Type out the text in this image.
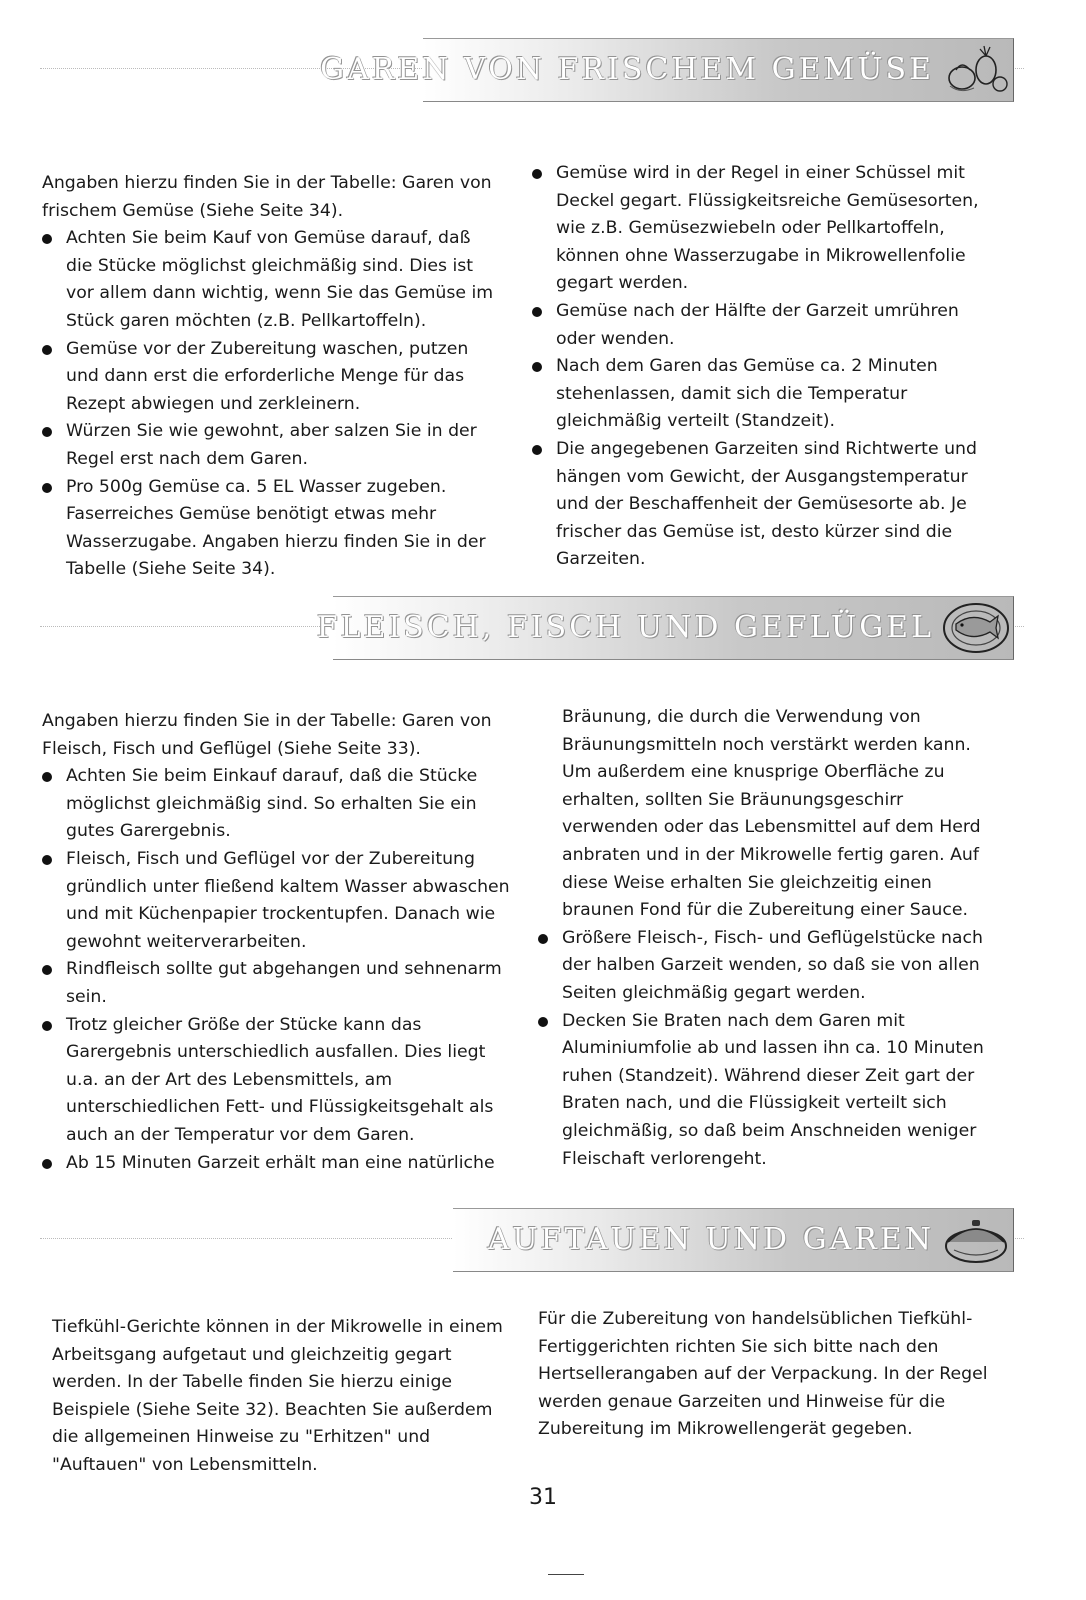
GAREN VON FRISCHEM GEMÜSE

Angaben hierzu finden Sie in der Tabelle: Garen von frischem Gemüse (Siehe Seite 34).

Achten Sie beim Kauf von Gemüse darauf, daß die Stücke möglichst gleichmäßig sind. Dies ist vor allem dann wichtig, wenn Sie das Gemüse im Stück garen möchten (z.B. Pellkartoffeln).
Gemüse vor der Zubereitung waschen, putzen und dann erst die erforderliche Menge für das Rezept abwiegen und zerkleinern.
Würzen Sie wie gewohnt, aber salzen Sie in der Regel erst nach dem Garen.
Pro 500g Gemüse ca. 5 EL Wasser zugeben. Faserreiches Gemüse benötigt etwas mehr Wasserzugabe. Angaben hierzu finden Sie in der Tabelle (Siehe Seite 34).
Gemüse wird in der Regel in einer Schüssel mit Deckel gegart. Flüssigkeitsreiche Gemüsesorten, wie z.B. Gemüsezwiebeln oder Pellkartoffeln, können ohne Wasserzugabe in Mikrowellenfolie gegart werden.
Gemüse nach der Hälfte der Garzeit umrühren oder wenden.
Nach dem Garen das Gemüse ca. 2 Minuten stehenlassen, damit sich die Temperatur gleichmäßig verteilt (Standzeit).
Die angegebenen Garzeiten sind Richtwerte und hängen vom Gewicht, der Ausgangstemperatur und der Beschaffenheit der Gemüsesorte ab. Je frischer das Gemüse ist, desto kürzer sind die Garzeiten.
FLEISCH, FISCH UND GEFLÜGEL

Angaben hierzu finden Sie in der Tabelle: Garen von Fleisch, Fisch und Geflügel (Siehe Seite 33).

Achten Sie beim Einkauf darauf, daß die Stücke möglichst gleichmäßig sind. So erhalten Sie ein gutes Garergebnis.
Fleisch, Fisch und Geflügel vor der Zubereitung gründlich unter fließend kaltem Wasser abwaschen und mit Küchenpapier trockentupfen. Danach wie gewohnt weiterverarbeiten.
Rindfleisch sollte gut abgehangen und sehnenarm sein.
Trotz gleicher Größe der Stücke kann das Garergebnis unterschiedlich ausfallen. Dies liegt u.a. an der Art des Lebensmittels, am unterschiedlichen Fett- und Flüssigkeitsgehalt als auch an der Temperatur vor dem Garen.
Ab 15 Minuten Garzeit erhält man eine natürliche

Bräunung, die durch die Verwendung von Bräunungsmitteln noch verstärkt werden kann. Um außerdem eine knusprige Oberfläche zu erhalten, sollten Sie Bräunungsgeschirr verwenden oder das Lebensmittel auf dem Herd anbraten und in der Mikrowelle fertig garen. Auf diese Weise erhalten Sie gleichzeitig einen braunen Fond für die Zubereitung einer Sauce.

Größere Fleisch-, Fisch- und Geflügelstücke nach der halben Garzeit wenden, so daß sie von allen Seiten gleichmäßig gegart werden.
Decken Sie Braten nach dem Garen mit Aluminiumfolie ab und lassen ihn ca. 10 Minuten ruhen (Standzeit). Während dieser Zeit gart der Braten nach, und die Flüssigkeit verteilt sich gleichmäßig, so daß beim Anschneiden weniger Fleischaft verlorengeht.
AUFTAUEN UND GAREN

Tiefkühl-Gerichte können in der Mikrowelle in einem Arbeitsgang aufgetaut und gleichzeitig gegart werden. In der Tabelle finden Sie hierzu einige Beispiele (Siehe Seite 32). Beachten Sie außerdem die allgemeinen Hinweise zu "Erhitzen" und "Auftauen" von Lebensmitteln.

Für die Zubereitung von handelsüblichen Tiefkühl-Fertiggerichten richten Sie sich bitte nach den Hertsellerangaben auf der Verpackung. In der Regel werden genaue Garzeiten und Hinweise für die Zubereitung im Mikrowellengerät gegeben.

31
